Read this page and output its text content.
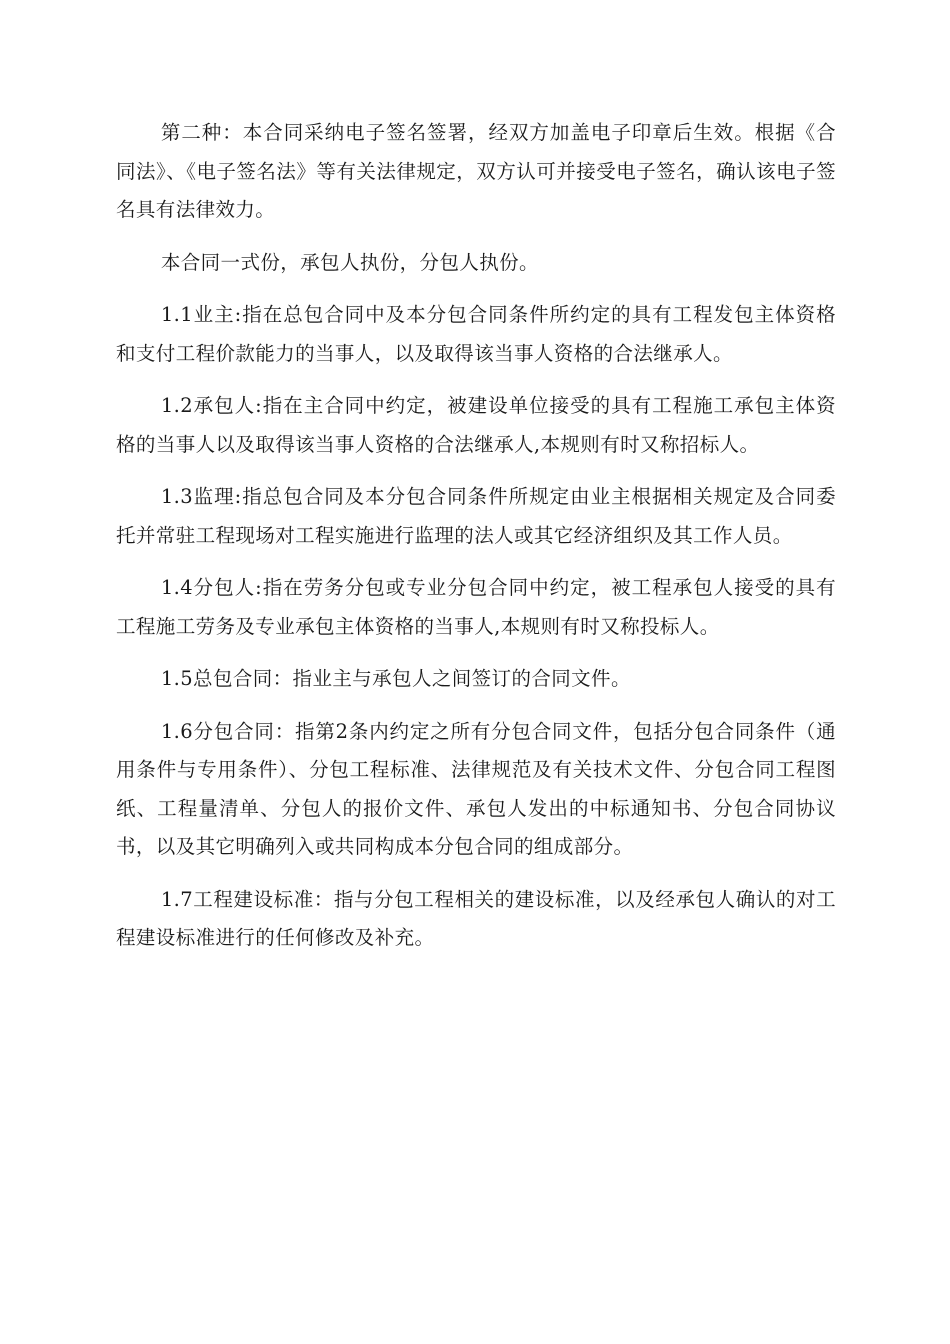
第二种：本合同采纳电子签名签署，经双方加盖电子印章后生效。根据《合同法》、《电子签名法》等有关法律规定，双方认可并接受电子签名，确认该电子签名具有法律效力。

本合同一式份，承包人执份，分包人执份。

1.1业主:指在总包合同中及本分包合同条件所约定的具有工程发包主体资格和支付工程价款能力的当事人，以及取得该当事人资格的合法继承人。

1.2承包人:指在主合同中约定，被建设单位接受的具有工程施工承包主体资格的当事人以及取得该当事人资格的合法继承人,本规则有时又称招标人。

1.3监理:指总包合同及本分包合同条件所规定由业主根据相关规定及合同委托并常驻工程现场对工程实施进行监理的法人或其它经济组织及其工作人员。

1.4分包人:指在劳务分包或专业分包合同中约定，被工程承包人接受的具有工程施工劳务及专业承包主体资格的当事人,本规则有时又称投标人。

1.5总包合同：指业主与承包人之间签订的合同文件。

1.6分包合同：指第2条内约定之所有分包合同文件，包括分包合同条件（通用条件与专用条件）、分包工程标准、法律规范及有关技术文件、分包合同工程图纸、工程量清单、分包人的报价文件、承包人发出的中标通知书、分包合同协议书，以及其它明确列入或共同构成本分包合同的组成部分。

1.7工程建设标准：指与分包工程相关的建设标准，以及经承包人确认的对工程建设标准进行的任何修改及补充。
